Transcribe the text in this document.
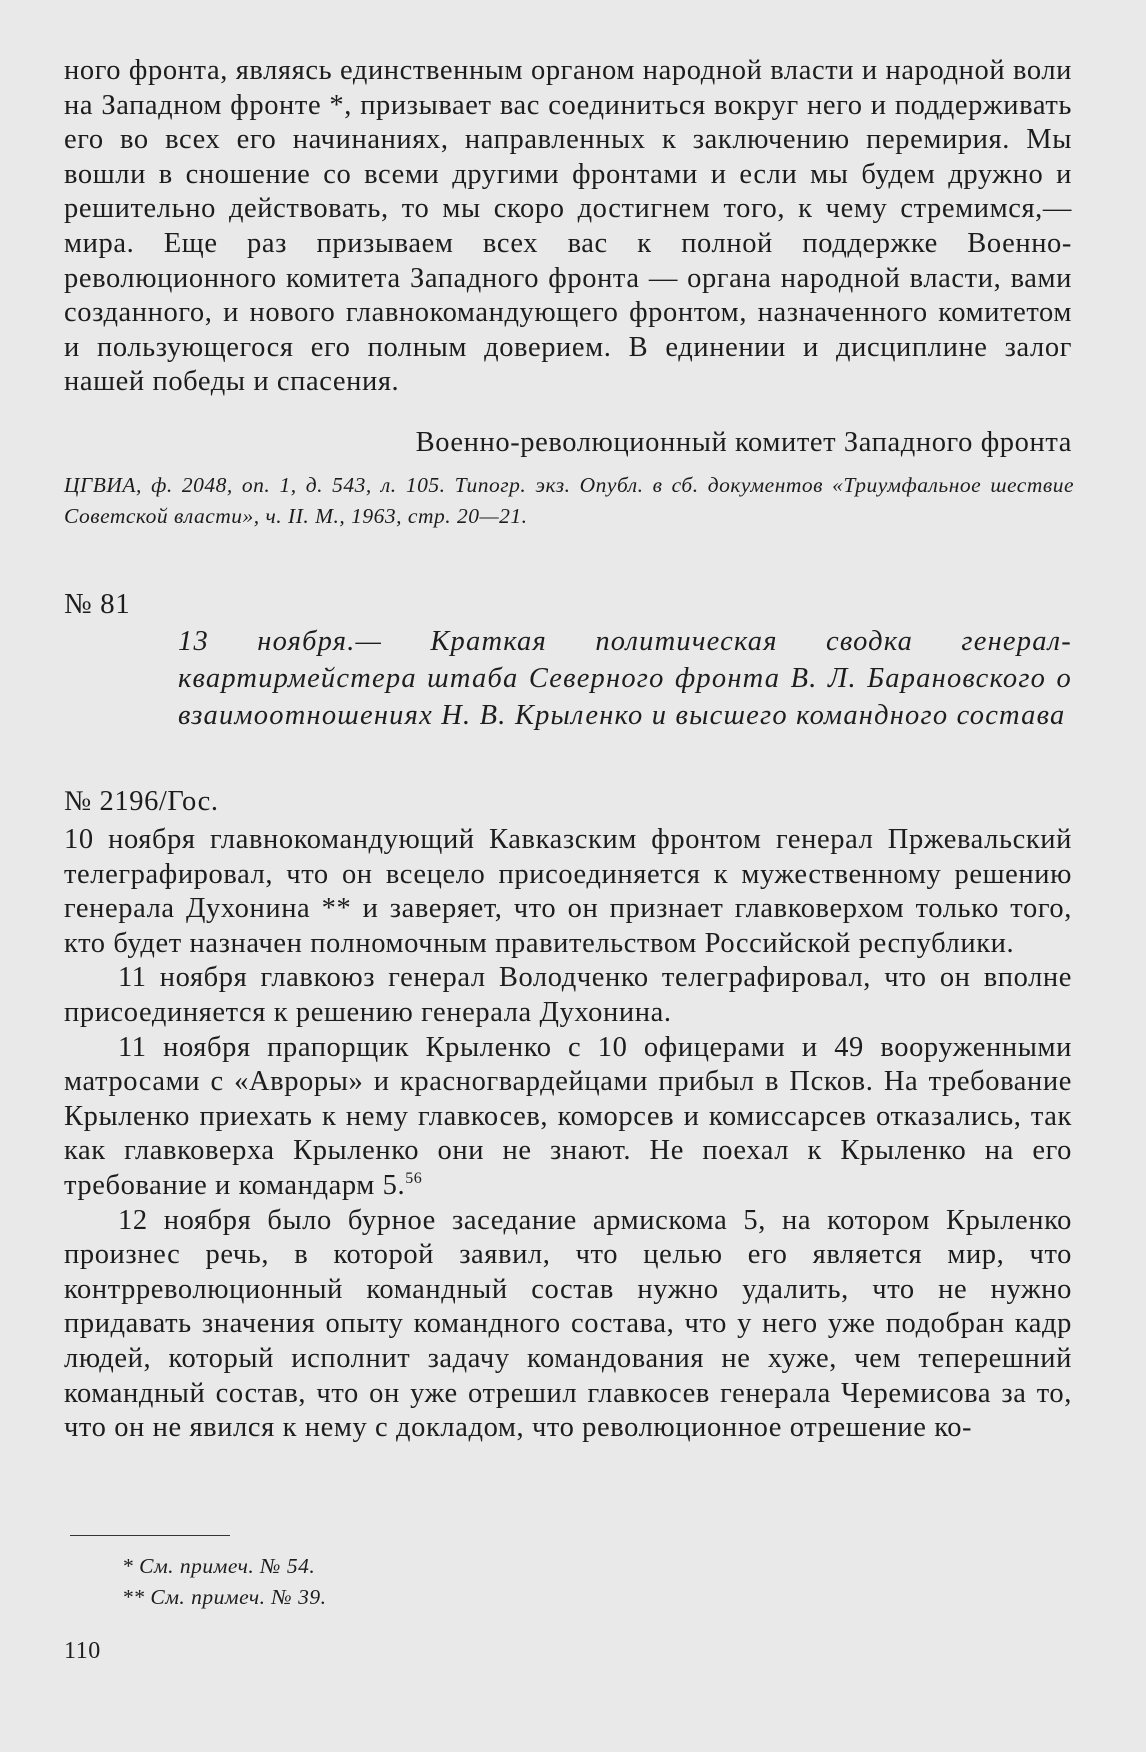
ного фронта, являясь единственным органом народной власти и народной воли на Западном фронте *, призывает вас соединиться вокруг него и поддерживать его во всех его начинаниях, направленных к заключению перемирия. Мы вошли в сношение со всеми другими фронтами и если мы будем дружно и решительно действовать, то мы скоро достигнем того, к чему стремимся,— мира. Еще раз призываем всех вас к полной поддержке Военно-революционного комитета Западного фронта — органа народной власти, вами созданного, и нового главнокомандующего фронтом, назначенного комитетом и пользующегося его полным доверием. В единении и дисциплине залог нашей победы и спасения.

Военно-революционный комитет Западного фронта
ЦГВИА, ф. 2048, оп. 1, д. 543, л. 105. Типогр. экз. Опубл. в сб. документов «Триумфальное шествие Советской власти», ч. II. М., 1963, стр. 20—21.
№ 81
13 ноября.— Краткая политическая сводка генерал-квартирмейстера штаба Северного фронта В. Л. Барановского о взаимоотношениях Н. В. Крыленко и высшего командного состава
№ 2196/Гос.

10 ноября главнокомандующий Кавказским фронтом генерал Пржевальский телеграфировал, что он всецело присоединяется к мужественному решению генерала Духонина ** и заверяет, что он признает главковерхом только того, кто будет назначен полномочным правительством Российской республики.

11 ноября главкоюз генерал Володченко телеграфировал, что он вполне присоединяется к решению генерала Духонина.

11 ноября прапорщик Крыленко с 10 офицерами и 49 вооруженными матросами с «Авроры» и красногвардейцами прибыл в Псков. На требование Крыленко приехать к нему главкосев, коморсев и комиссарсев отказались, так как главковерха Крыленко они не знают. Не поехал к Крыленко на его требование и командарм 5.56

12 ноября было бурное заседание армискома 5, на котором Крыленко произнес речь, в которой заявил, что целью его является мир, что контрреволюционный командный состав нужно удалить, что не нужно придавать значения опыту командного состава, что у него уже подобран кадр людей, который исполнит задачу командования не хуже, чем теперешний командный состав, что он уже отрешил главкосев генерала Черемисова за то, что он не явился к нему с докладом, что революционное отрешение ко-

* См. примеч. № 54.
** См. примеч. № 39.
110
